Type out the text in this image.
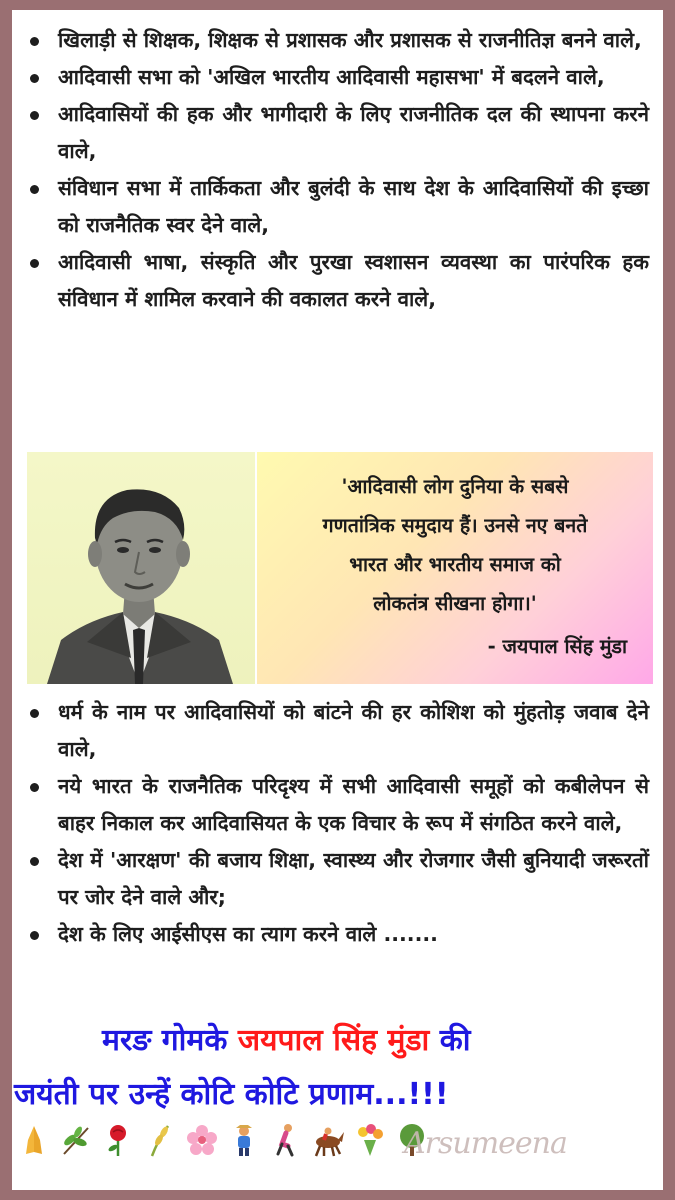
खिलाड़ी से शिक्षक, शिक्षक से प्रशासक और प्रशासक से राजनीतिज्ञ बनने वाले,
आदिवासी सभा को 'अखिल भारतीय आदिवासी महासभा' में बदलने वाले,
आदिवासियों की हक और भागीदारी के लिए राजनीतिक दल की स्थापना करने वाले,
संविधान सभा में तार्किकता और बुलंदी के साथ देश के आदिवासियों की इच्छा को राजनैतिक स्वर देने वाले,
आदिवासी भाषा, संस्कृति और पुरखा स्वशासन व्यवस्था का पारंपरिक हक संविधान में शामिल करवाने की वकालत करने वाले,

'आदिवासी लोग दुनिया के सबसे

गणतांत्रिक समुदाय हैं। उनसे नए बनते

भारत और भारतीय समाज को

लोकतंत्र सीखना होगा।'

- जयपाल सिंह मुंडा

धर्म के नाम पर आदिवासियों को बांटने की हर कोशिश को मुंहतोड़ जवाब देने वाले,
नये भारत के राजनैतिक परिदृश्य में सभी आदिवासी समूहों को कबीलेपन से बाहर निकाल कर आदिवासियत के एक विचार के रूप में संगठित करने वाले,
देश में 'आरक्षण' की बजाय शिक्षा, स्वास्थ्य और रोजगार जैसी बुनियादी जरूरतों पर जोर देने वाले और;
देश के लिए आईसीएस का त्याग करने वाले .......
मरङ गोमके जयपाल सिंह मुंडा की
जयंती पर उन्हें कोटि कोटि प्रणाम...!!!
Arsumeena
